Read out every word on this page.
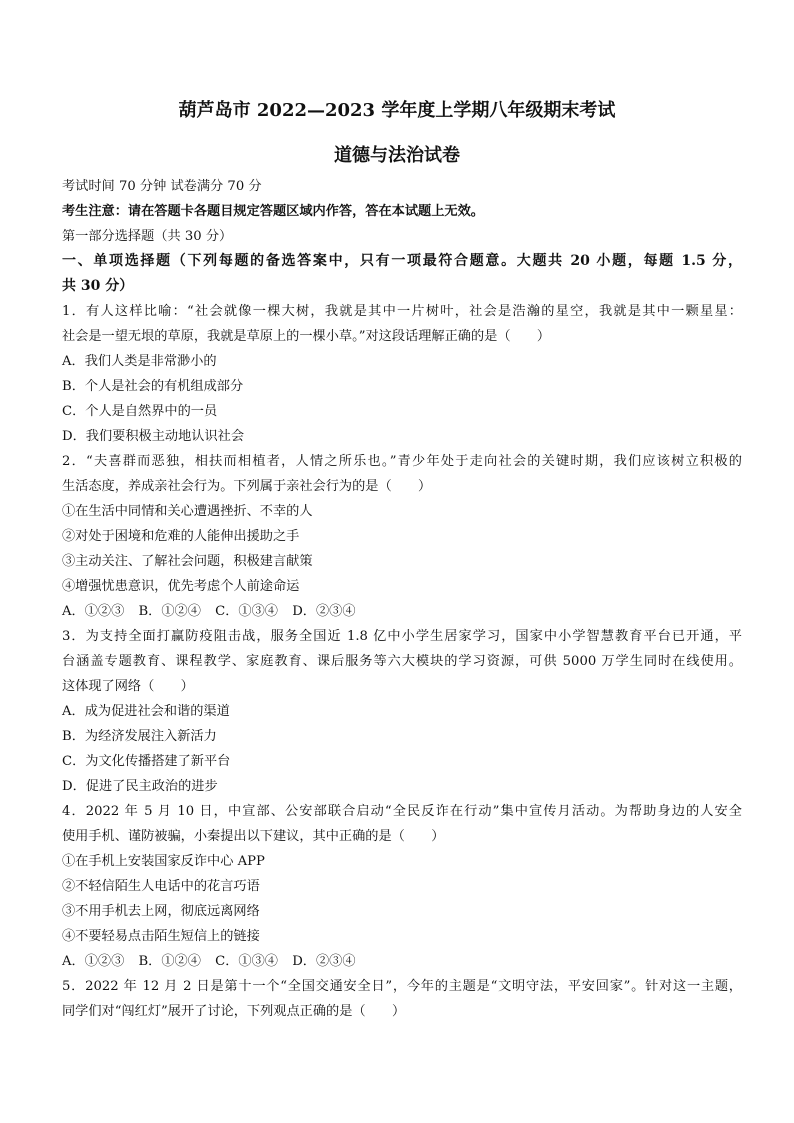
葫芦岛市 2022—2023 学年度上学期八年级期末考试
道德与法治试卷
考试时间 70 分钟 试卷满分 70 分
考生注意：请在答题卡各题目规定答题区域内作答，答在本试题上无效。
第一部分选择题（共 30 分）
一、单项选择题（下列每题的备选答案中，只有一项最符合题意。大题共 20 小题，每题 1.5 分，
共 30 分）
1．有人这样比喻：“社会就像一棵大树，我就是其中一片树叶，社会是浩瀚的星空，我就是其中一颗星星：
社会是一望无垠的草原，我就是草原上的一棵小草。”对这段话理解正确的是（　　）
A．我们人类是非常渺小的
B．个人是社会的有机组成部分
C．个人是自然界中的一员
D．我们要积极主动地认识社会
2．“夫喜群而恶独，相扶而相植者，人情之所乐也。”青少年处于走向社会的关键时期，我们应该树立积极的
生活态度，养成亲社会行为。下列属于亲社会行为的是（　　）
①在生活中同情和关心遭遇挫折、不幸的人
②对处于困境和危难的人能伸出援助之手
③主动关注、了解社会问题，积极建言献策
④增强忧患意识，优先考虑个人前途命运
A．①②③ B．①②④ C．①③④ D．②③④
3．为支持全面打赢防疫阻击战，服务全国近 1.8 亿中小学生居家学习，国家中小学智慧教育平台已开通，平
台涵盖专题教育、课程教学、家庭教育、课后服务等六大模块的学习资源，可供 5000 万学生同时在线使用。
这体现了网络（　　）
A．成为促进社会和谐的渠道
B．为经济发展注入新活力
C．为文化传播搭建了新平台
D．促进了民主政治的进步
4．2022 年 5 月 10 日，中宣部、公安部联合启动“全民反诈在行动”集中宣传月活动。为帮助身边的人安全
使用手机、谨防被骗，小秦提出以下建议，其中正确的是（　　）
①在手机上安装国家反诈中心 APP
②不轻信陌生人电话中的花言巧语
③不用手机去上网，彻底远离网络
④不要轻易点击陌生短信上的链接
A．①②③ B．①②④ C．①③④ D．②③④
5．2022 年 12 月 2 日是第十一个“全国交通安全日”，今年的主题是“文明守法，平安回家”。针对这一主题，
同学们对“闯红灯”展开了讨论，下列观点正确的是（　　）
